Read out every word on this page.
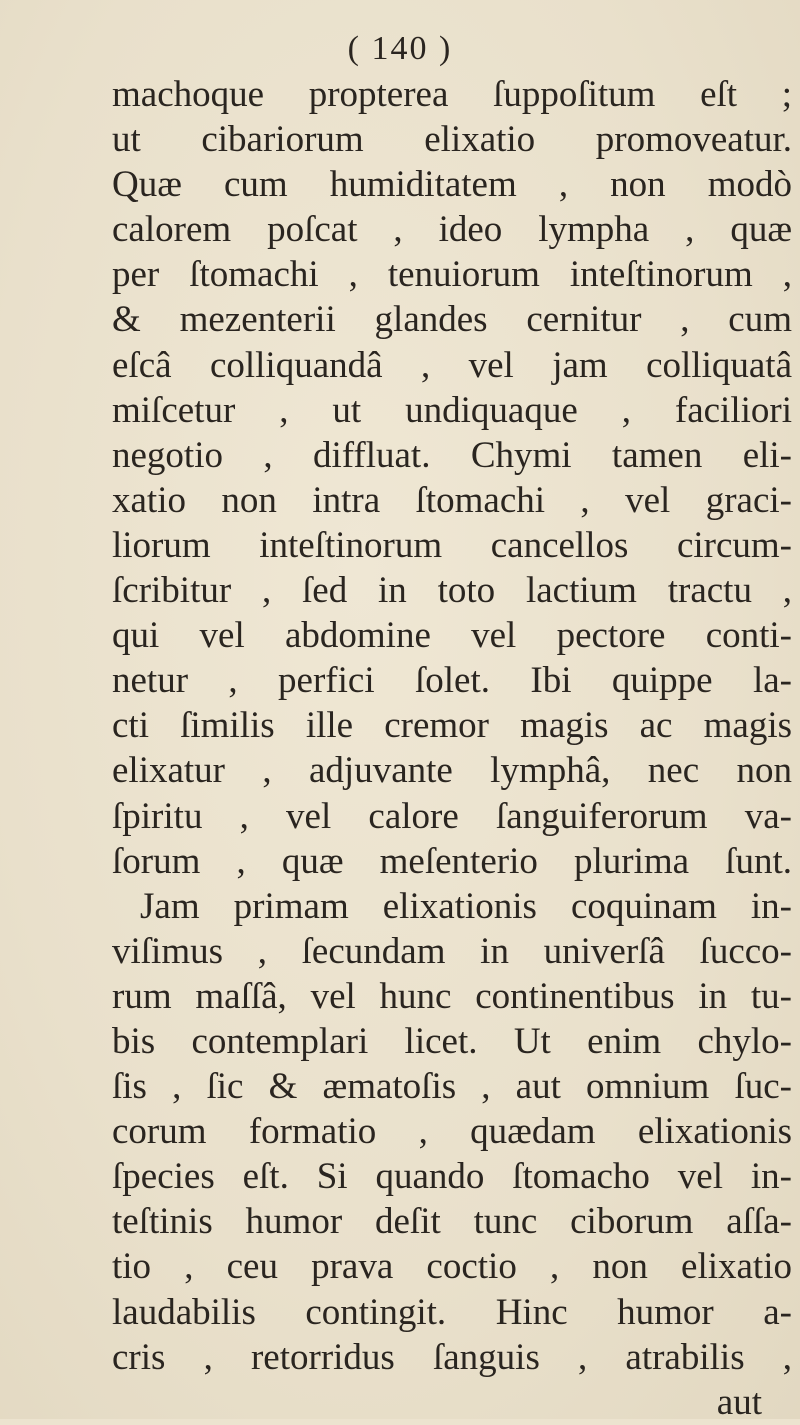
( 140 )
machoque propterea ſuppoſitum eſt ;
ut cibariorum elixatio promoveatur.
Quæ cum humiditatem , non modò
calorem poſcat , ideo lympha , quæ
per ſtomachi , tenuiorum inteſtinorum ,
& mezenterii glandes cernitur , cum
eſcâ colliquandâ , vel jam colliquatâ
miſcetur , ut undiquaque , faciliori
negotio , diffluat. Chymi tamen eli-
xatio non intra ſtomachi , vel graci-
liorum inteſtinorum cancellos circum-
ſcribitur , ſed in toto lactium tractu ,
qui vel abdomine vel pectore conti-
netur , perfici ſolet. Ibi quippe la-
cti ſimilis ille cremor magis ac magis
elixatur , adjuvante lymphâ, nec non
ſpiritu , vel calore ſanguiferorum va-
ſorum , quæ meſenterio plurima ſunt.
Jam primam elixationis coquinam in-
viſimus , ſecundam in univerſâ ſucco-
rum maſſâ, vel hunc continentibus in tu-
bis contemplari licet. Ut enim chylo-
ſis , ſic & æmatoſis , aut omnium ſuc-
corum formatio , quædam elixationis
ſpecies eſt. Si quando ſtomacho vel in-
teſtinis humor deſit tunc ciborum aſſa-
tio , ceu prava coctio , non elixatio
laudabilis contingit. Hinc humor a-
cris , retorridus ſanguis , atrabilis ,
aut
